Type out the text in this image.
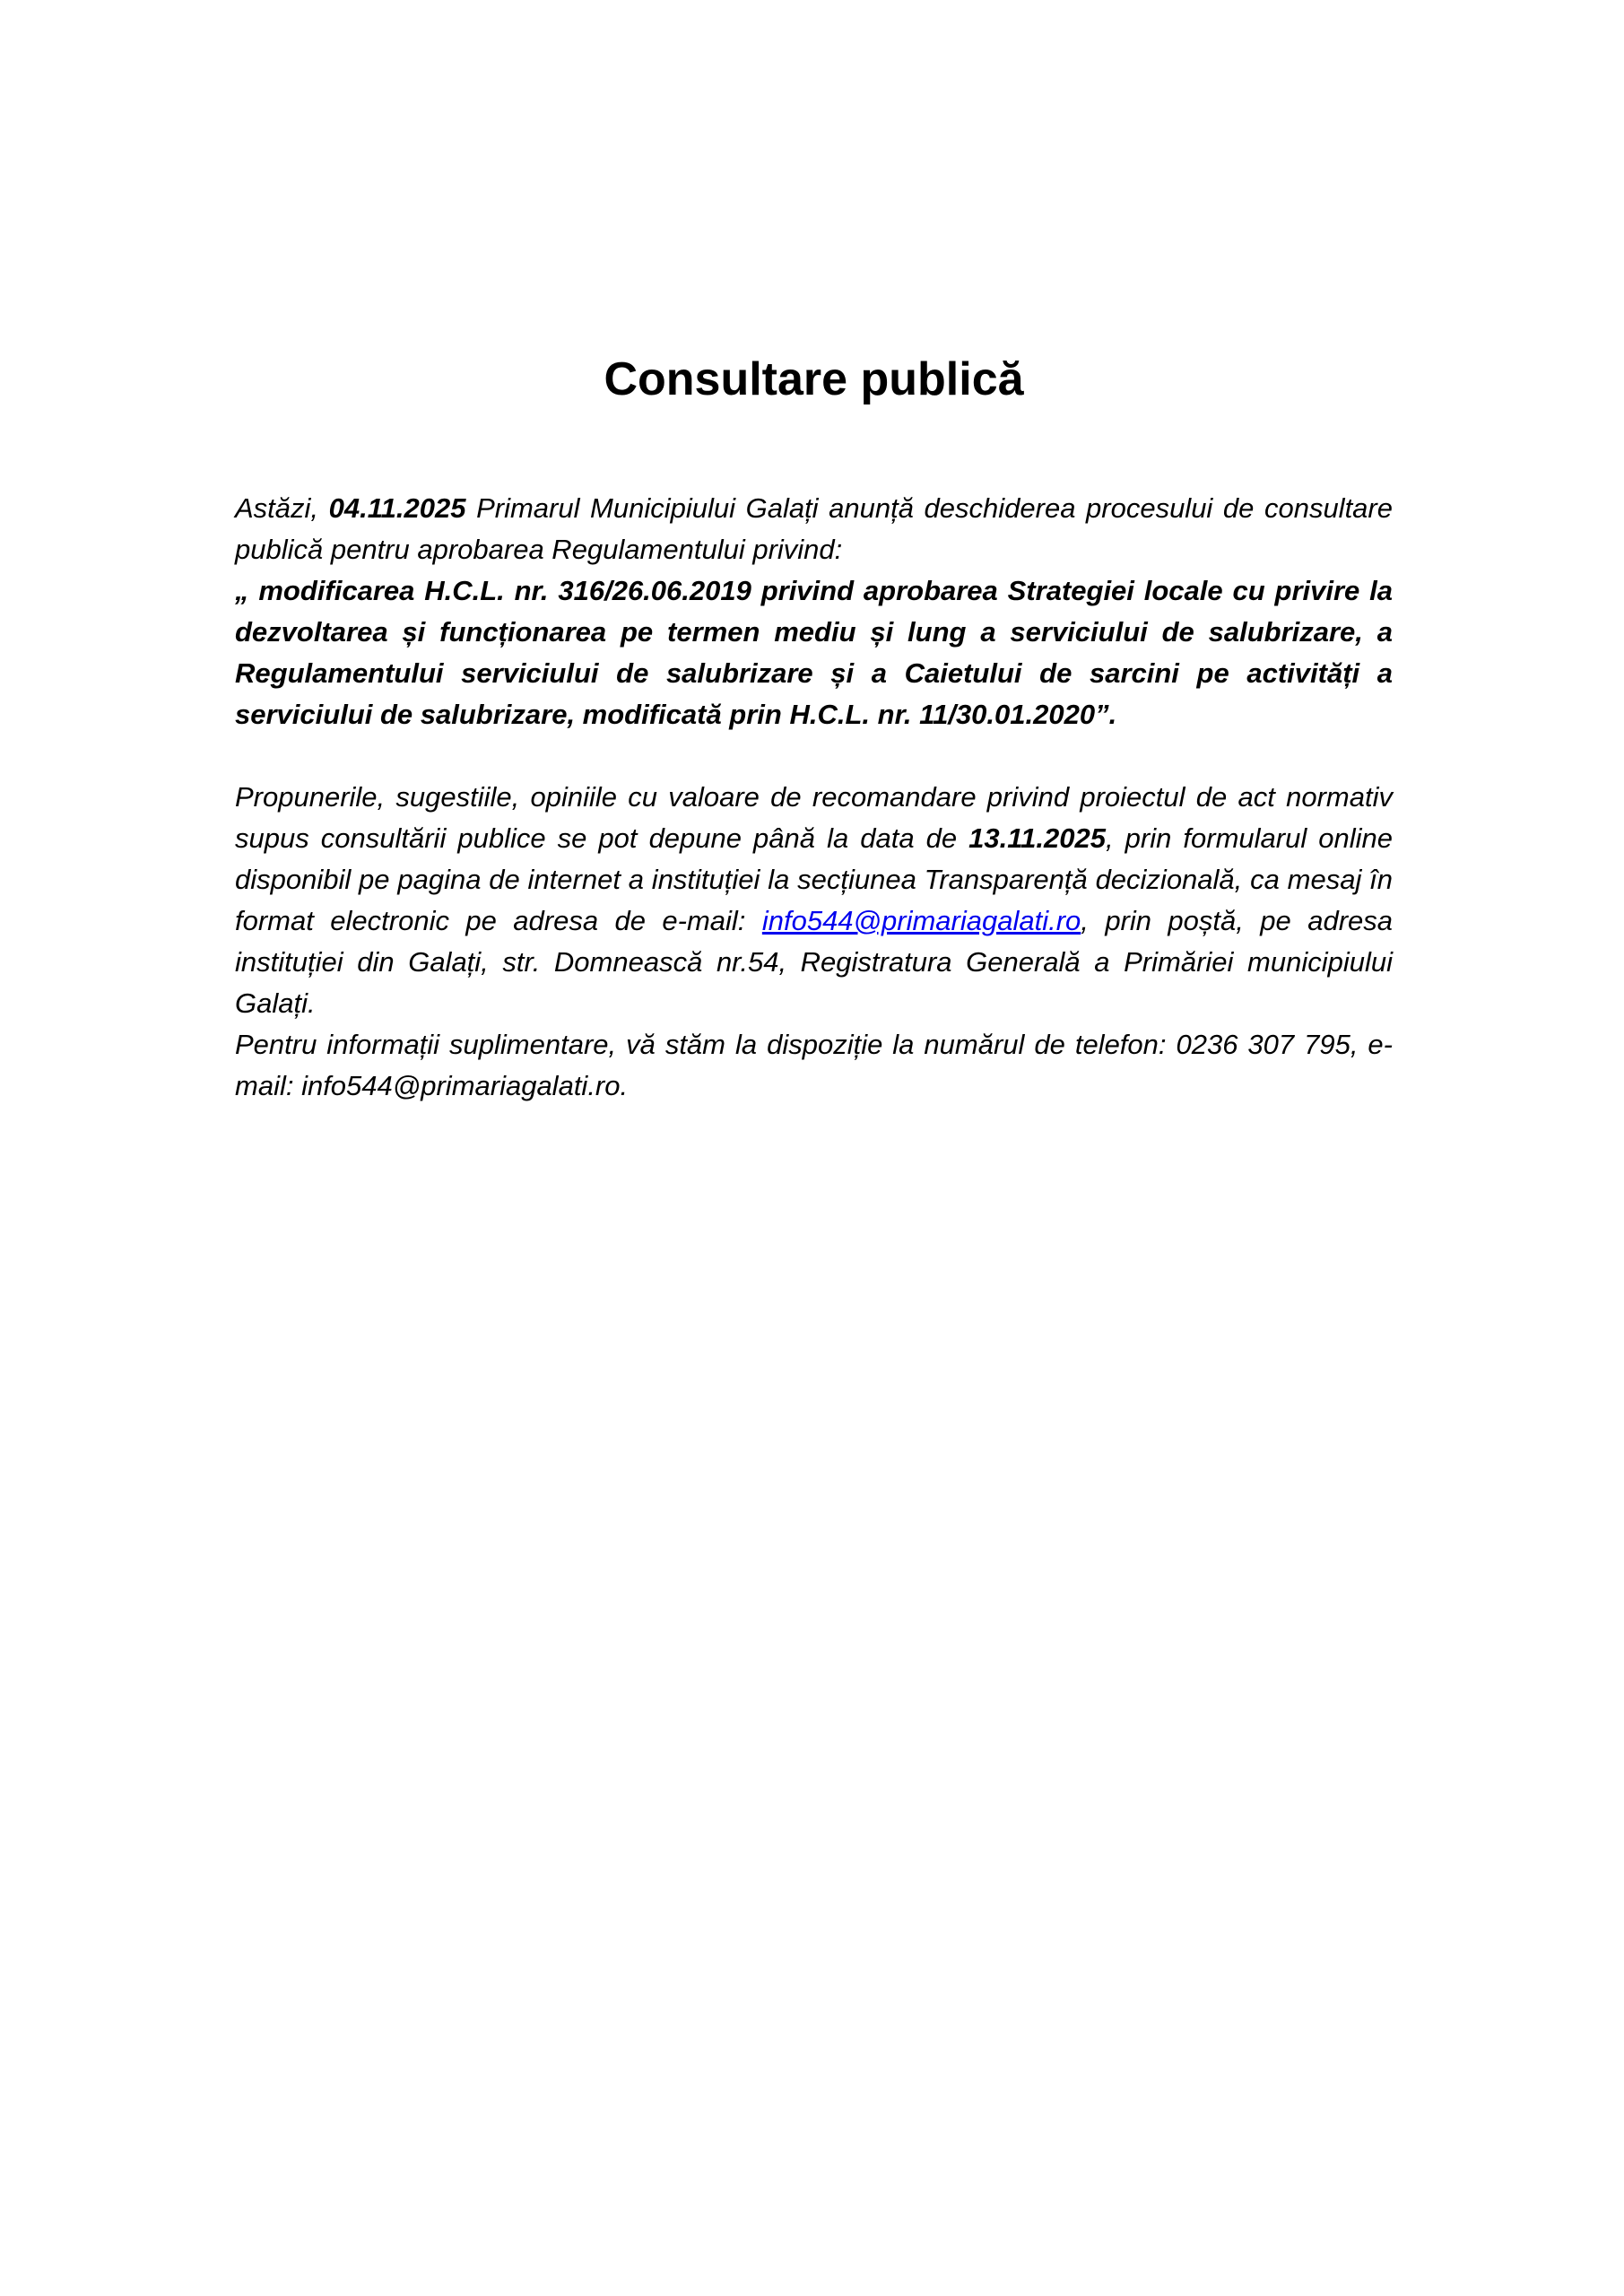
Consultare publică

Astăzi, 04.11.2025 Primarul Municipiului Galați anunță deschiderea procesului de consultare publică pentru aprobarea Regulamentului privind:

„ modificarea H.C.L. nr. 316/26.06.2019 privind aprobarea Strategiei locale cu privire la dezvoltarea și funcționarea pe termen mediu și lung a serviciului de salubrizare, a Regulamentului serviciului de salubrizare și a Caietului de sarcini pe activități a serviciului de salubrizare, modificată prin H.C.L. nr. 11/30.01.2020”.

Propunerile, sugestiile, opiniile cu valoare de recomandare privind proiectul de act normativ supus consultării publice se pot depune până la data de 13.11.2025, prin formularul online disponibil pe pagina de internet a instituției la secțiunea Transparență decizională, ca mesaj în format electronic pe adresa de e-mail: info544@primariagalati.ro, prin poștă, pe adresa instituției din Galați, str. Domnească nr.54, Registratura Generală a Primăriei municipiului Galați.

Pentru informații suplimentare, vă stăm la dispoziție la numărul de telefon: 0236 307 795, e-mail: info544@primariagalati.ro.
